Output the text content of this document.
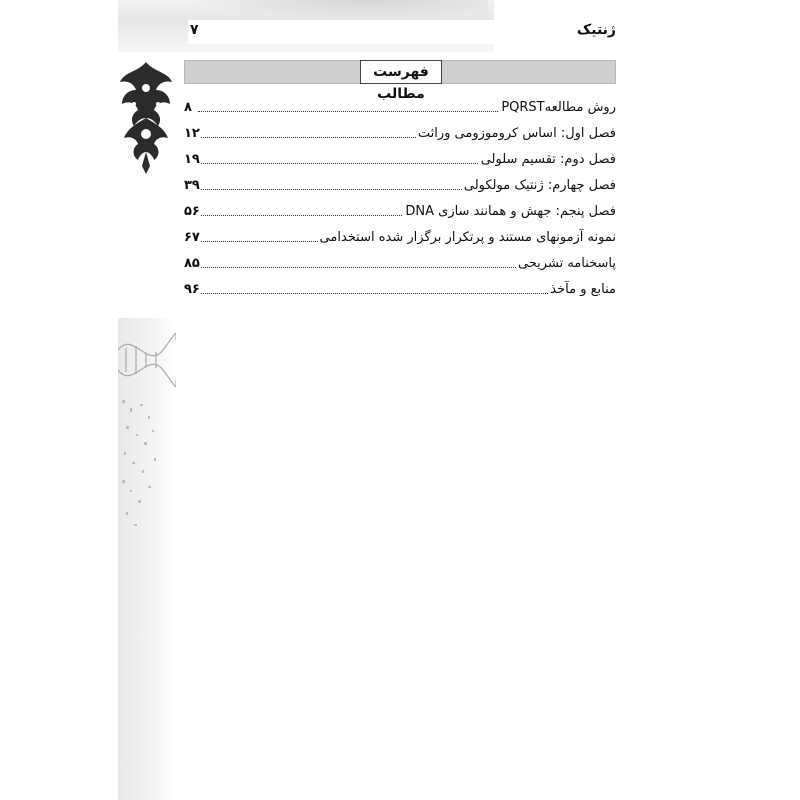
ژنتیک
۷
فهرست مطالب
روش مطالعهPQRST
۸
فصل اول: اساس کروموزومی وراثت
۱۲
فصل دوم: تقسیم سلولی
۱۹
فصل چهارم: ژنتیک مولکولی
۳۹
فصل پنجم: جهش و همانند سازی DNA
۵۶
نمونه آزمونهای مستند و پرتکرار برگزار شده استخدامی
۶۷
پاسخنامه تشریحی
۸۵
منابع و مآخذ
۹۶
